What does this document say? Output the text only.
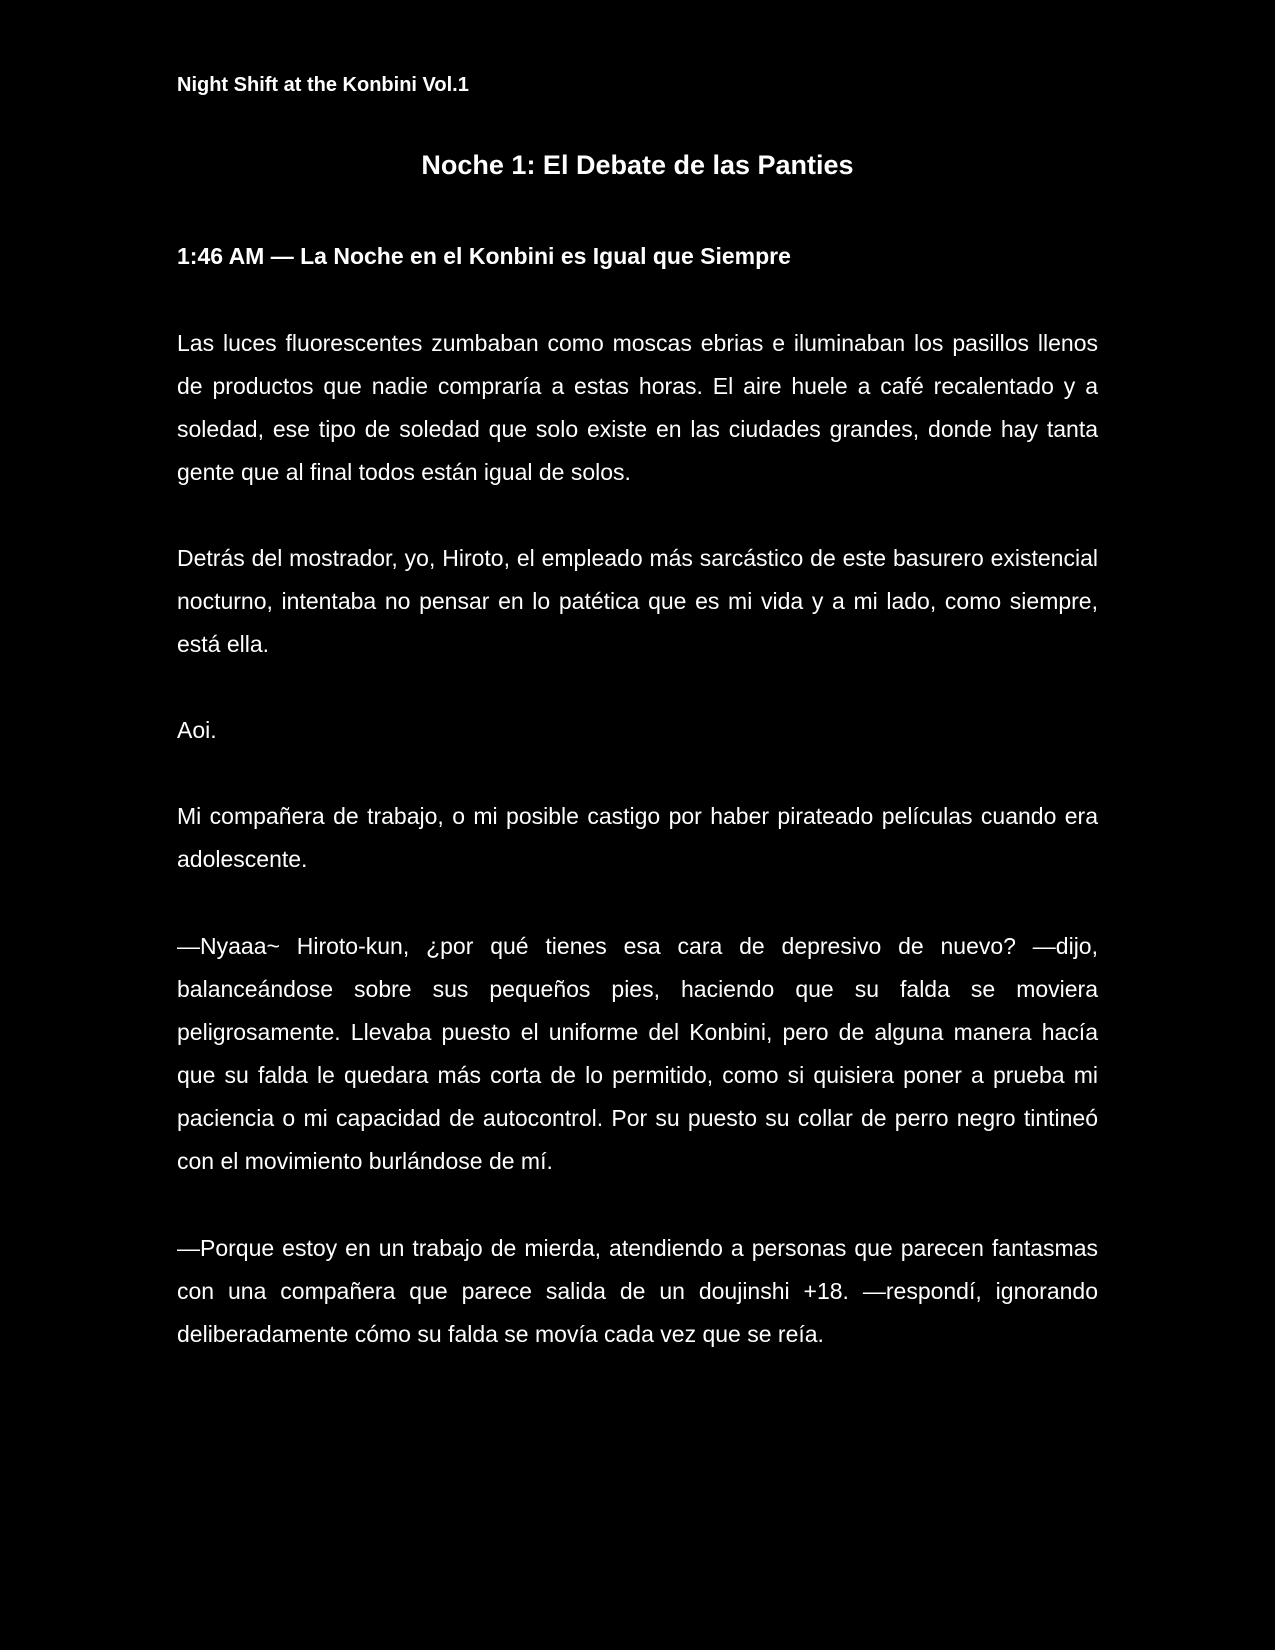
Night Shift at the Konbini Vol.1
Noche 1: El Debate de las Panties
1:46 AM — La Noche en el Konbini es Igual que Siempre

Las luces fluorescentes zumbaban como moscas ebrias e iluminaban los pasillos llenos de productos que nadie compraría a estas horas. El aire huele a café recalentado y a soledad, ese tipo de soledad que solo existe en las ciudades grandes, donde hay tanta gente que al final todos están igual de solos.

Detrás del mostrador, yo, Hiroto, el empleado más sarcástico de este basurero existencial nocturno, intentaba no pensar en lo patética que es mi vida y a mi lado, como siempre, está ella.

Aoi.

Mi compañera de trabajo, o mi posible castigo por haber pirateado películas cuando era adolescente.

—Nyaaa~ Hiroto-kun, ¿por qué tienes esa cara de depresivo de nuevo? —dijo, balanceándose sobre sus pequeños pies, haciendo que su falda se moviera peligrosamente. Llevaba puesto el uniforme del Konbini, pero de alguna manera hacía que su falda le quedara más corta de lo permitido, como si quisiera poner a prueba mi paciencia o mi capacidad de autocontrol. Por su puesto su collar de perro negro tintineó con el movimiento burlándose de mí.

—Porque estoy en un trabajo de mierda, atendiendo a personas que parecen fantasmas con una compañera que parece salida de un doujinshi +18. —respondí, ignorando deliberadamente cómo su falda se movía cada vez que se reía.
